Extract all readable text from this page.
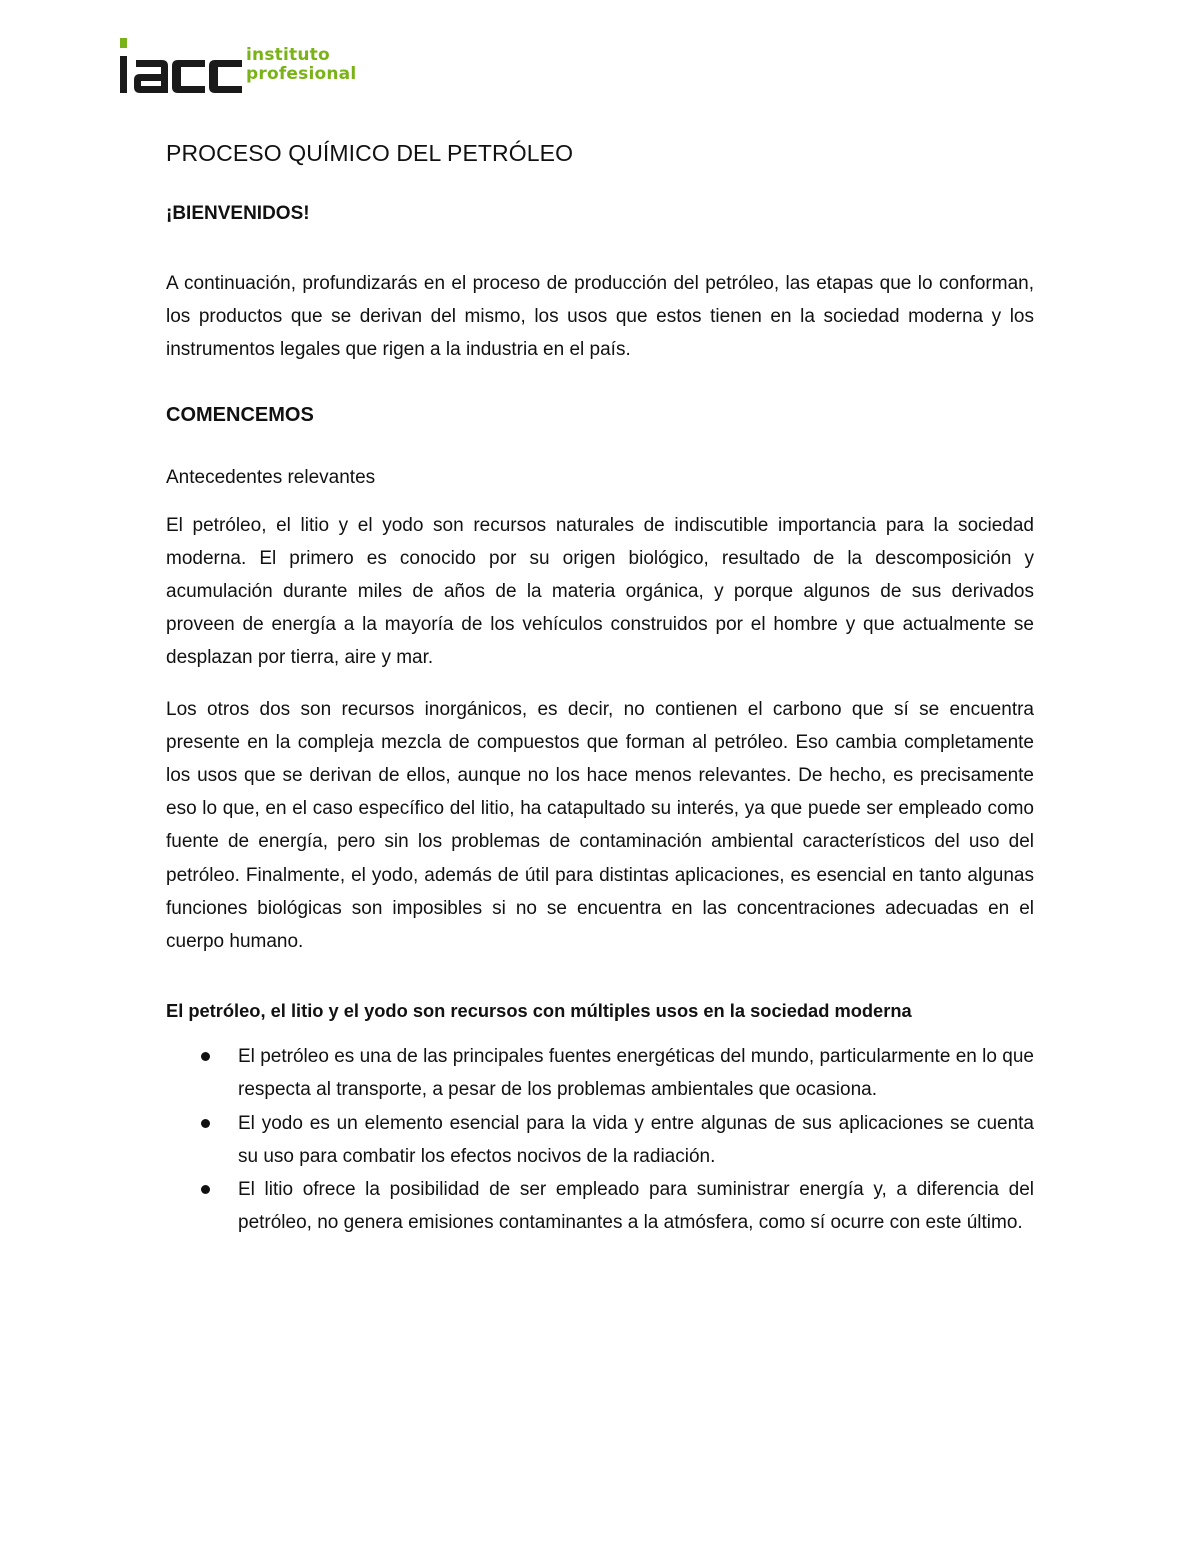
instituto
profesional
PROCESO QUÍMICO DEL PETRÓLEO

¡BIENVENIDOS!

A continuación, profundizarás en el proceso de producción del petróleo, las etapas que lo conforman, los productos que se derivan del mismo, los usos que estos tienen en la sociedad moderna y los instrumentos legales que rigen a la industria en el país.

COMENCEMOS

Antecedentes relevantes

El petróleo, el litio y el yodo son recursos naturales de indiscutible importancia para la sociedad moderna. El primero es conocido por su origen biológico, resultado de la descomposición y acumulación durante miles de años de la materia orgánica, y porque algunos de sus derivados proveen de energía a la mayoría de los vehículos construidos por el hombre y que actualmente se desplazan por tierra, aire y mar.

Los otros dos son recursos inorgánicos, es decir, no contienen el carbono que sí se encuentra presente en la compleja mezcla de compuestos que forman al petróleo. Eso cambia completamente los usos que se derivan de ellos, aunque no los hace menos relevantes. De hecho, es precisamente eso lo que, en el caso específico del litio, ha catapultado su interés, ya que puede ser empleado como fuente de energía, pero sin los problemas de contaminación ambiental característicos del uso del petróleo. Finalmente, el yodo, además de útil para distintas aplicaciones, es esencial en tanto algunas funciones biológicas son imposibles si no se encuentra en las concentraciones adecuadas en el cuerpo humano.

El petróleo, el litio y el yodo son recursos con múltiples usos en la sociedad moderna

El petróleo es una de las principales fuentes energéticas del mundo, particularmente en lo que respecta al transporte, a pesar de los problemas ambientales que ocasiona.
El yodo es un elemento esencial para la vida y entre algunas de sus aplicaciones se cuenta su uso para combatir los efectos nocivos de la radiación.
El litio ofrece la posibilidad de ser empleado para suministrar energía y, a diferencia del petróleo, no genera emisiones contaminantes a la atmósfera, como sí ocurre con este último.
